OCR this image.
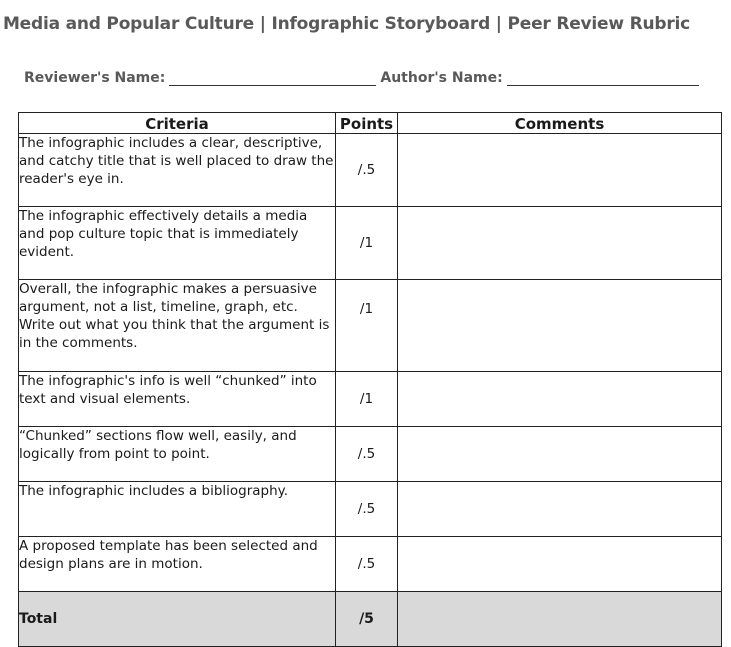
Media and Popular Culture | Infographic Storyboard | Peer Review Rubric
Reviewer's Name:	Author's Name:
Criteria	Points	Comments
The infographic includes a clear, descriptive, and catchy title that is well placed to draw the reader's eye in.	/.5	
The infographic effectively details a media and pop culture topic that is immediately evident.	/1	
Overall, the infographic makes a persuasive argument, not a list, timeline, graph, etc. Write out what you think that the argument is in the comments.	/1	
The infographic's info is well “chunked” into text and visual elements.	/1	
“Chunked” sections flow well, easily, and logically from point to point.	/.5	
The infographic includes a bibliography.	/.5	
A proposed template has been selected and design plans are in motion.	/.5	
Total	/5	
